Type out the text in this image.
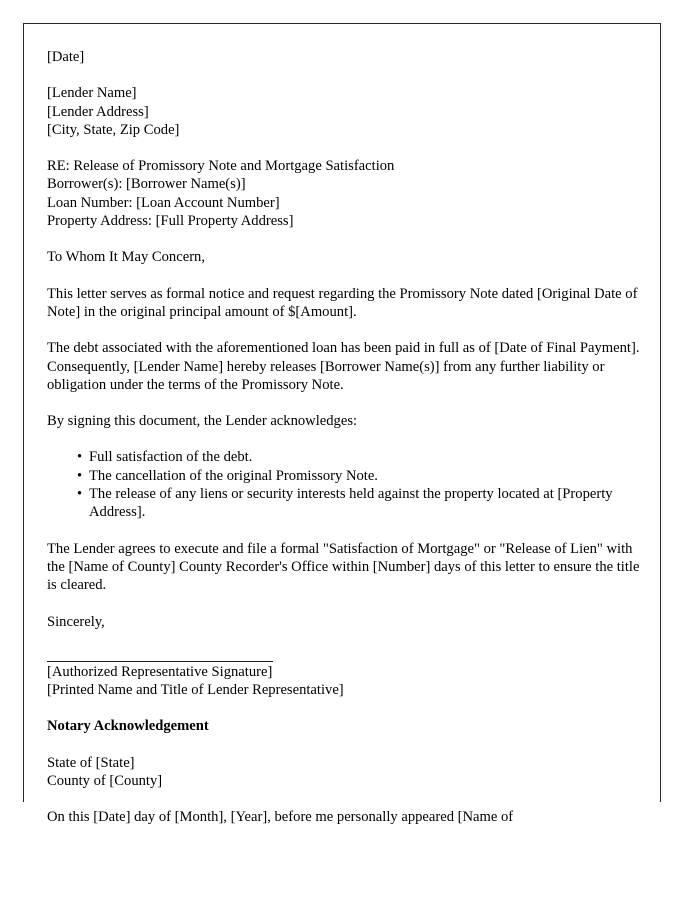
[Date]
[Lender Name]
[Lender Address]
[City, State, Zip Code]
RE: Release of Promissory Note and Mortgage Satisfaction
Borrower(s): [Borrower Name(s)]
Loan Number: [Loan Account Number]
Property Address: [Full Property Address]
To Whom It May Concern,

This letter serves as formal notice and request regarding the Promissory Note dated [Original Date of Note] in the original principal amount of $[Amount].

The debt associated with the aforementioned loan has been paid in full as of [Date of Final Payment]. Consequently, [Lender Name] hereby releases [Borrower Name(s)] from any further liability or obligation under the terms of the Promissory Note.

By signing this document, the Lender acknowledges:

• Full satisfaction of the debt.
• The cancellation of the original Promissory Note.
• The release of any liens or security interests held against the property located at [Property Address].

The Lender agrees to execute and file a formal "Satisfaction of Mortgage" or "Release of Lien" with the [Name of County] County Recorder's Office within [Number] days of this letter to ensure the title is cleared.

Sincerely,
[Authorized Representative Signature]
[Printed Name and Title of Lender Representative]
Notary Acknowledgement
State of [State]
County of [County]
On this [Date] day of [Month], [Year], before me personally appeared [Name of
